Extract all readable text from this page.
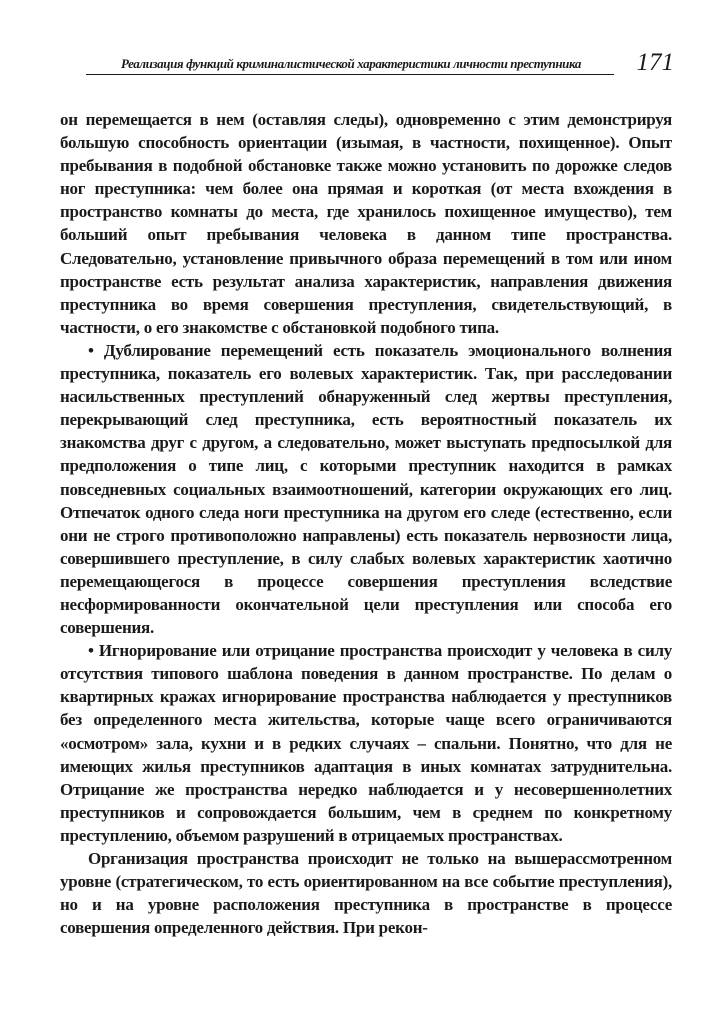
Реализация функций криминалистической характеристики личности преступника	171

он перемещается в нем (оставляя следы), одновременно с этим демонстрируя большую способность ориентации (изымая, в частности, похищенное). Опыт пребывания в подобной обстановке также можно установить по дорожке следов ног преступника: чем более она прямая и короткая (от места вхождения в пространство комнаты до места, где хранилось похищенное имущество), тем больший опыт пребывания человека в данном типе пространства. Следовательно, установление привычного образа перемещений в том или ином пространстве есть результат анализа характеристик, направления движения преступника во время совершения преступления, свидетельствующий, в частности, о его знакомстве с обстановкой подобного типа.

• Дублирование перемещений есть показатель эмоционального волнения преступника, показатель его волевых характеристик. Так, при расследовании насильственных преступлений обнаруженный след жертвы преступления, перекрывающий след преступника, есть вероятностный показатель их знакомства друг с другом, а следовательно, может выступать предпосылкой для предположения о типе лиц, с которыми преступник находится в рамках повседневных социальных взаимоотношений, категории окружающих его лиц. Отпечаток одного следа ноги преступника на другом его следе (естественно, если они не строго противоположно направлены) есть показатель нервозности лица, совершившего преступление, в силу слабых волевых характеристик хаотично перемещающегося в процессе совершения преступления вследствие несформированности окончательной цели преступления или способа его совершения.

• Игнорирование или отрицание пространства происходит у человека в силу отсутствия типового шаблона поведения в данном пространстве. По делам о квартирных кражах игнорирование пространства наблюдается у преступников без определенного места жительства, которые чаще всего ограничиваются «осмотром» зала, кухни и в редких случаях – спальни. Понятно, что для не имеющих жилья преступников адаптация в иных комнатах затруднительна. Отрицание же пространства нередко наблюдается и у несовершеннолетних преступников и сопровождается большим, чем в среднем по конкретному преступлению, объемом разрушений в отрицаемых пространствах.

Организация пространства происходит не только на вышерассмотренном уровне (стратегическом, то есть ориентированном на все событие преступления), но и на уровне расположения преступника в пространстве в процессе совершения определенного действия. При рекон-
